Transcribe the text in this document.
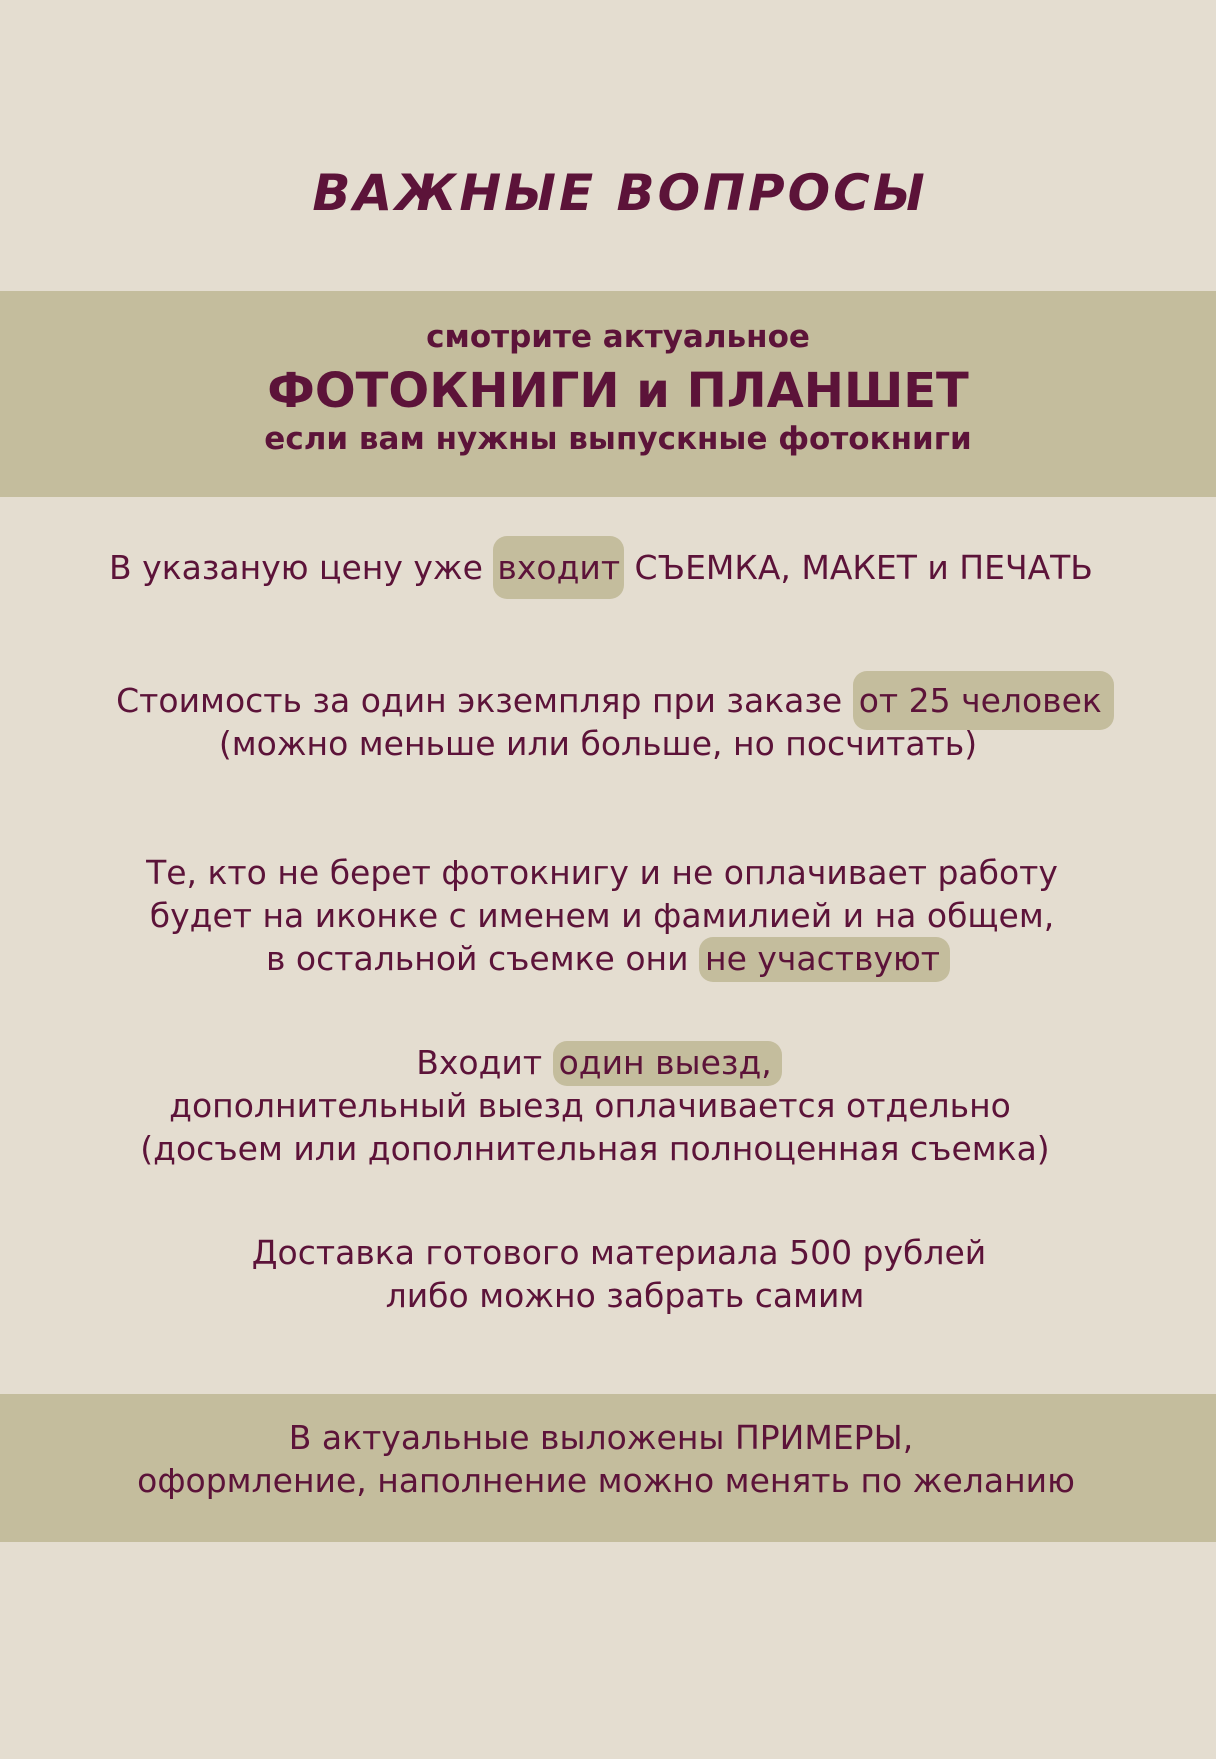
ВАЖНЫЕ ВОПРОСЫ
смотрите актуальное
ФОТОКНИГИ и ПЛАНШЕТ
если вам нужны выпускные фотокниги
В указаную цену уже входит СЪЕМКА, МАКЕТ и ПЕЧАТЬ
Стоимость за один экземпляр при заказе от 25 человек
(можно меньше или больше, но посчитать)
Те, кто не берет фотокнигу и не оплачивает работу
будет на иконке с именем и фамилией и на общем,
в остальной съемке они не участвуют
Входит один выезд,
дополнительный выезд оплачивается отдельно
(досъем или дополнительная полноценная съемка)
Доставка готового материала 500 рублей
либо можно забрать самим
В актуальные выложены ПРИМЕРЫ,
оформление, наполнение можно менять по желанию
